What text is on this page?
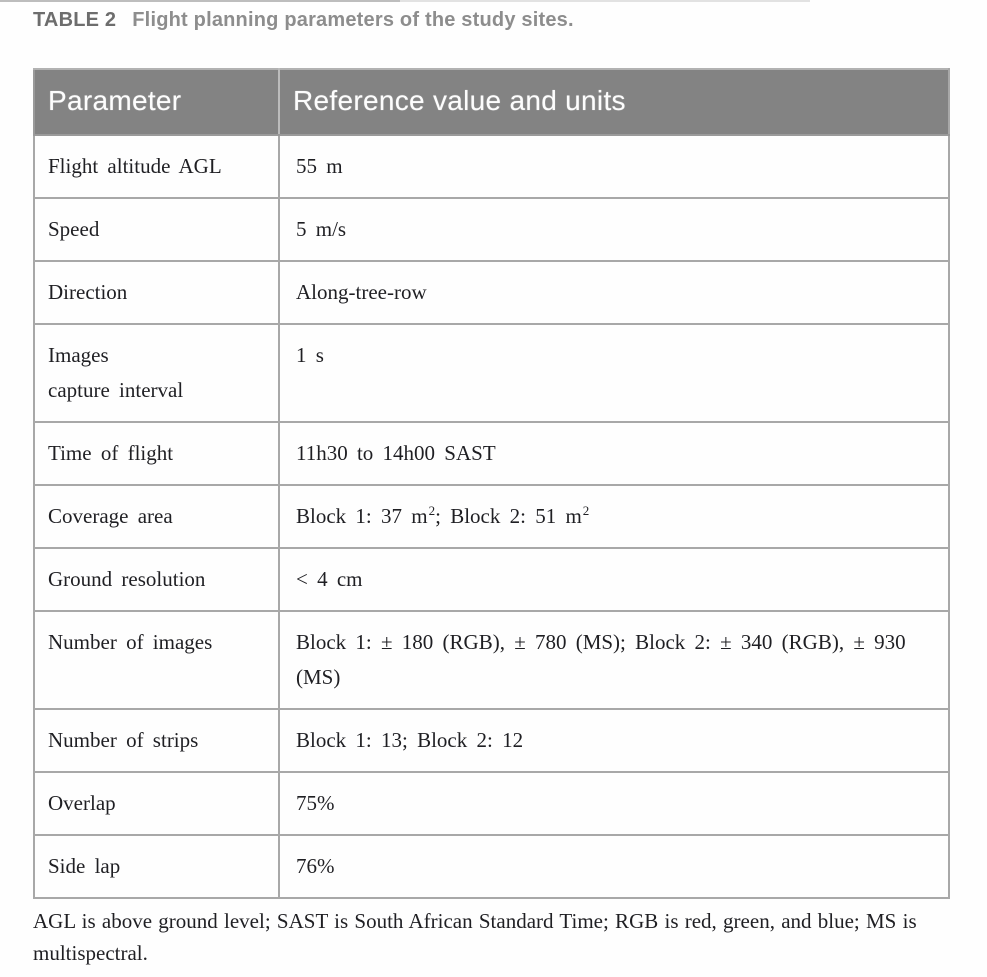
TABLE 2 Flight planning parameters of the study sites.
Parameter	Reference value and units
Flight altitude AGL	55 m
Speed	5 m/s
Direction	Along-tree-row

Images
capture interval	1 s
Time of flight	11h30 to 14h00 SAST
Coverage area	Block 1: 37 $m^2$; Block 2: 51 $m^2$
Ground resolution	< 4 cm
Number of images	Block 1: ± 180 (RGB), ± 780 (MS); Block 2: ± 340 (RGB), ± 930 (MS)
Number of strips	Block 1: 13; Block 2: 12
Overlap	75%
Side lap	76%
AGL is above ground level; SAST is South African Standard Time; RGB is red, green, and blue; MS is multispectral.
